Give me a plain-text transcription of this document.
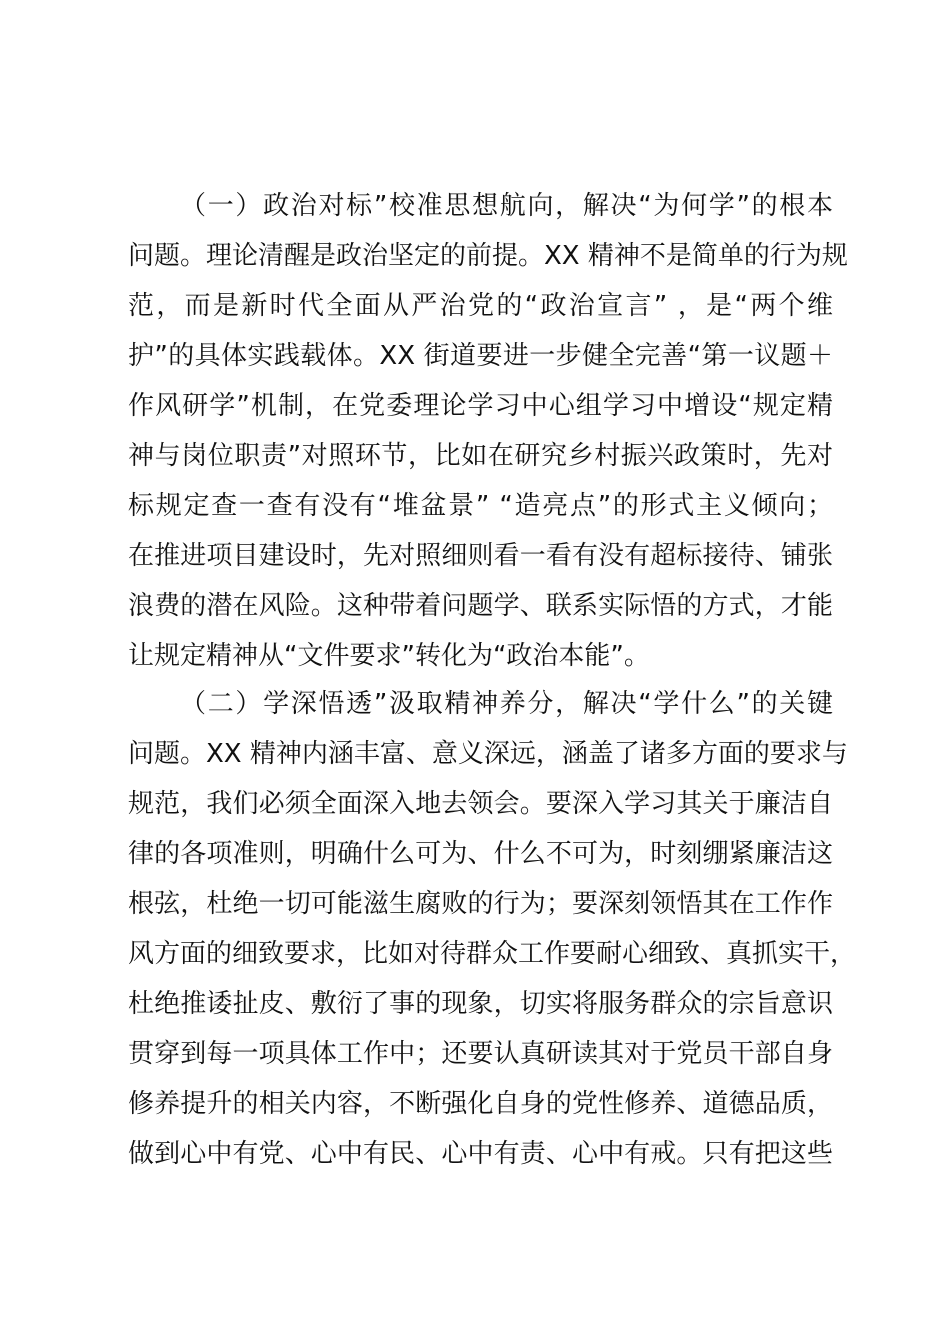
（一）政治对标”校准思想航向，解决“为何学”的根本
问题。理论清醒是政治坚定的前提。XX 精神不是简单的行为规
范，而是新时代全面从严治党的“政治宣言” ，是“两个维
护”的具体实践载体。XX 街道要进一步健全完善“第一议题＋
作风研学”机制，在党委理论学习中心组学习中增设“规定精
神与岗位职责”对照环节，比如在研究乡村振兴政策时，先对
标规定查一查有没有“堆盆景” “造亮点”的形式主义倾向；
在推进项目建设时，先对照细则看一看有没有超标接待、铺张
浪费的潜在风险。这种带着问题学、联系实际悟的方式，才能
让规定精神从“文件要求”转化为“政治本能”。
（二）学深悟透”汲取精神养分，解决“学什么”的关键
问题。XX 精神内涵丰富、意义深远，涵盖了诸多方面的要求与
规范，我们必须全面深入地去领会。要深入学习其关于廉洁自
律的各项准则，明确什么可为、什么不可为，时刻绷紧廉洁这
根弦，杜绝一切可能滋生腐败的行为；要深刻领悟其在工作作
风方面的细致要求，比如对待群众工作要耐心细致、真抓实干，
杜绝推诿扯皮、敷衍了事的现象，切实将服务群众的宗旨意识
贯穿到每一项具体工作中；还要认真研读其对于党员干部自身
修养提升的相关内容，不断强化自身的党性修养、道德品质，
做到心中有党、心中有民、心中有责、心中有戒。只有把这些
